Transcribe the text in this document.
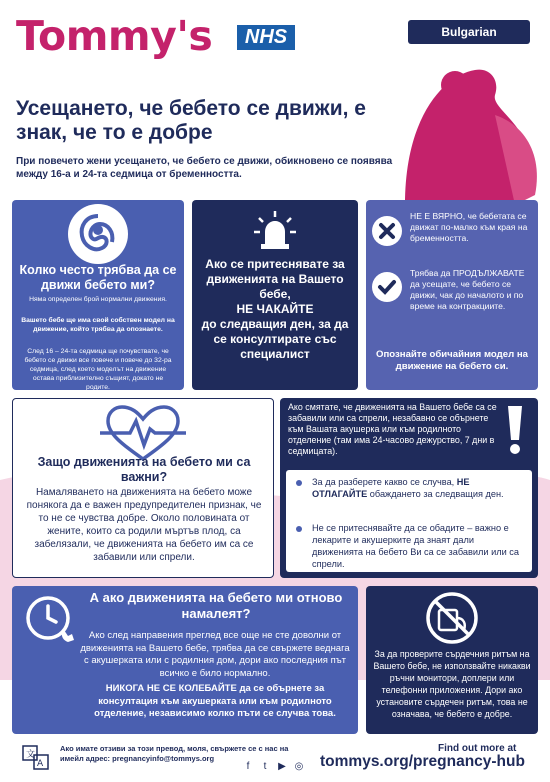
Tommy's	NHS	Bulgarian
Усещането, че бебето се движи, е знак, че то е добре
При повечето жени усещането, че бебето се движи, обикновено се появява между 16-а и 24-та седмица от бременността.
Колко често трябва да се движи бебето ми?
Няма определен брой нормални движения.
Вашето бебе ще има свой собствен модел на движение, който трябва да опознаете.
След 16 – 24-та седмица ще почувствате, че бебето се движи все повече и повече до 32-ра седмица, след което моделът на движение остава приблизително същият, докато не родите.
Ако се притеснявате за движенията на Вашето бебе,
НЕ ЧАКАЙТЕ
до следващия ден, за да се консултирате със специалист
НЕ Е ВЯРНО, че бебетата се движат по-малко към края на бременността.
Трябва да ПРОДЪЛЖАВАТЕ да усещате, че бебето се движи, чак до началото и по време на контракциите.
Опознайте обичайния модел на движение на бебето си.
Защо движенията на бебето ми са важни?
Намаляването на движенията на бебето може понякога да е важен предупредителен признак, че то не се чувства добре. Около половината от жените, които са родили мъртъв плод, са забелязали, че движенията на бебето им са се забавили или спрели.
Ако смятате, че движенията на Вашето бебе са се забавили или са спрели, незабавно се обърнете към Вашата акушерка или към родилното отделение (там има 24-часово дежурство, 7 дни в седмицата).
За да разберете какво се случва, НЕ ОТЛАГАЙТЕ обаждането за следващия ден.
Не се притеснявайте да се обадите – важно е лекарите и акушерките да знаят дали движенията на бебето Ви са се забавили или са спрели.
А ако движенията на бебето ми отново намалеят?
Ако след направения преглед все още не сте доволни от движенията на Вашето бебе, трябва да се свържете веднага с акушерката или с родилния дом, дори ако последния път всичко е било нормално.
НИКОГА НЕ СЕ КОЛЕБАЙТЕ да се обърнете за консултация към акушерката или към родилното отделение, независимо колко пъти се случва това.
За да проверите сърдечния ритъм на Вашето бебе, не използвайте никакви ръчни монитори, доплери или телефонни приложения. Дори ако установите сърдечен ритъм, това не означава, че бебето е добре.
文
A
Ако имате отзиви за този превод, моля, свържете се с нас на имейл адрес: pregnancyinfo@tommys.org
f t ▶ ◎
Find out more at
tommys.org/pregnancy-hub
